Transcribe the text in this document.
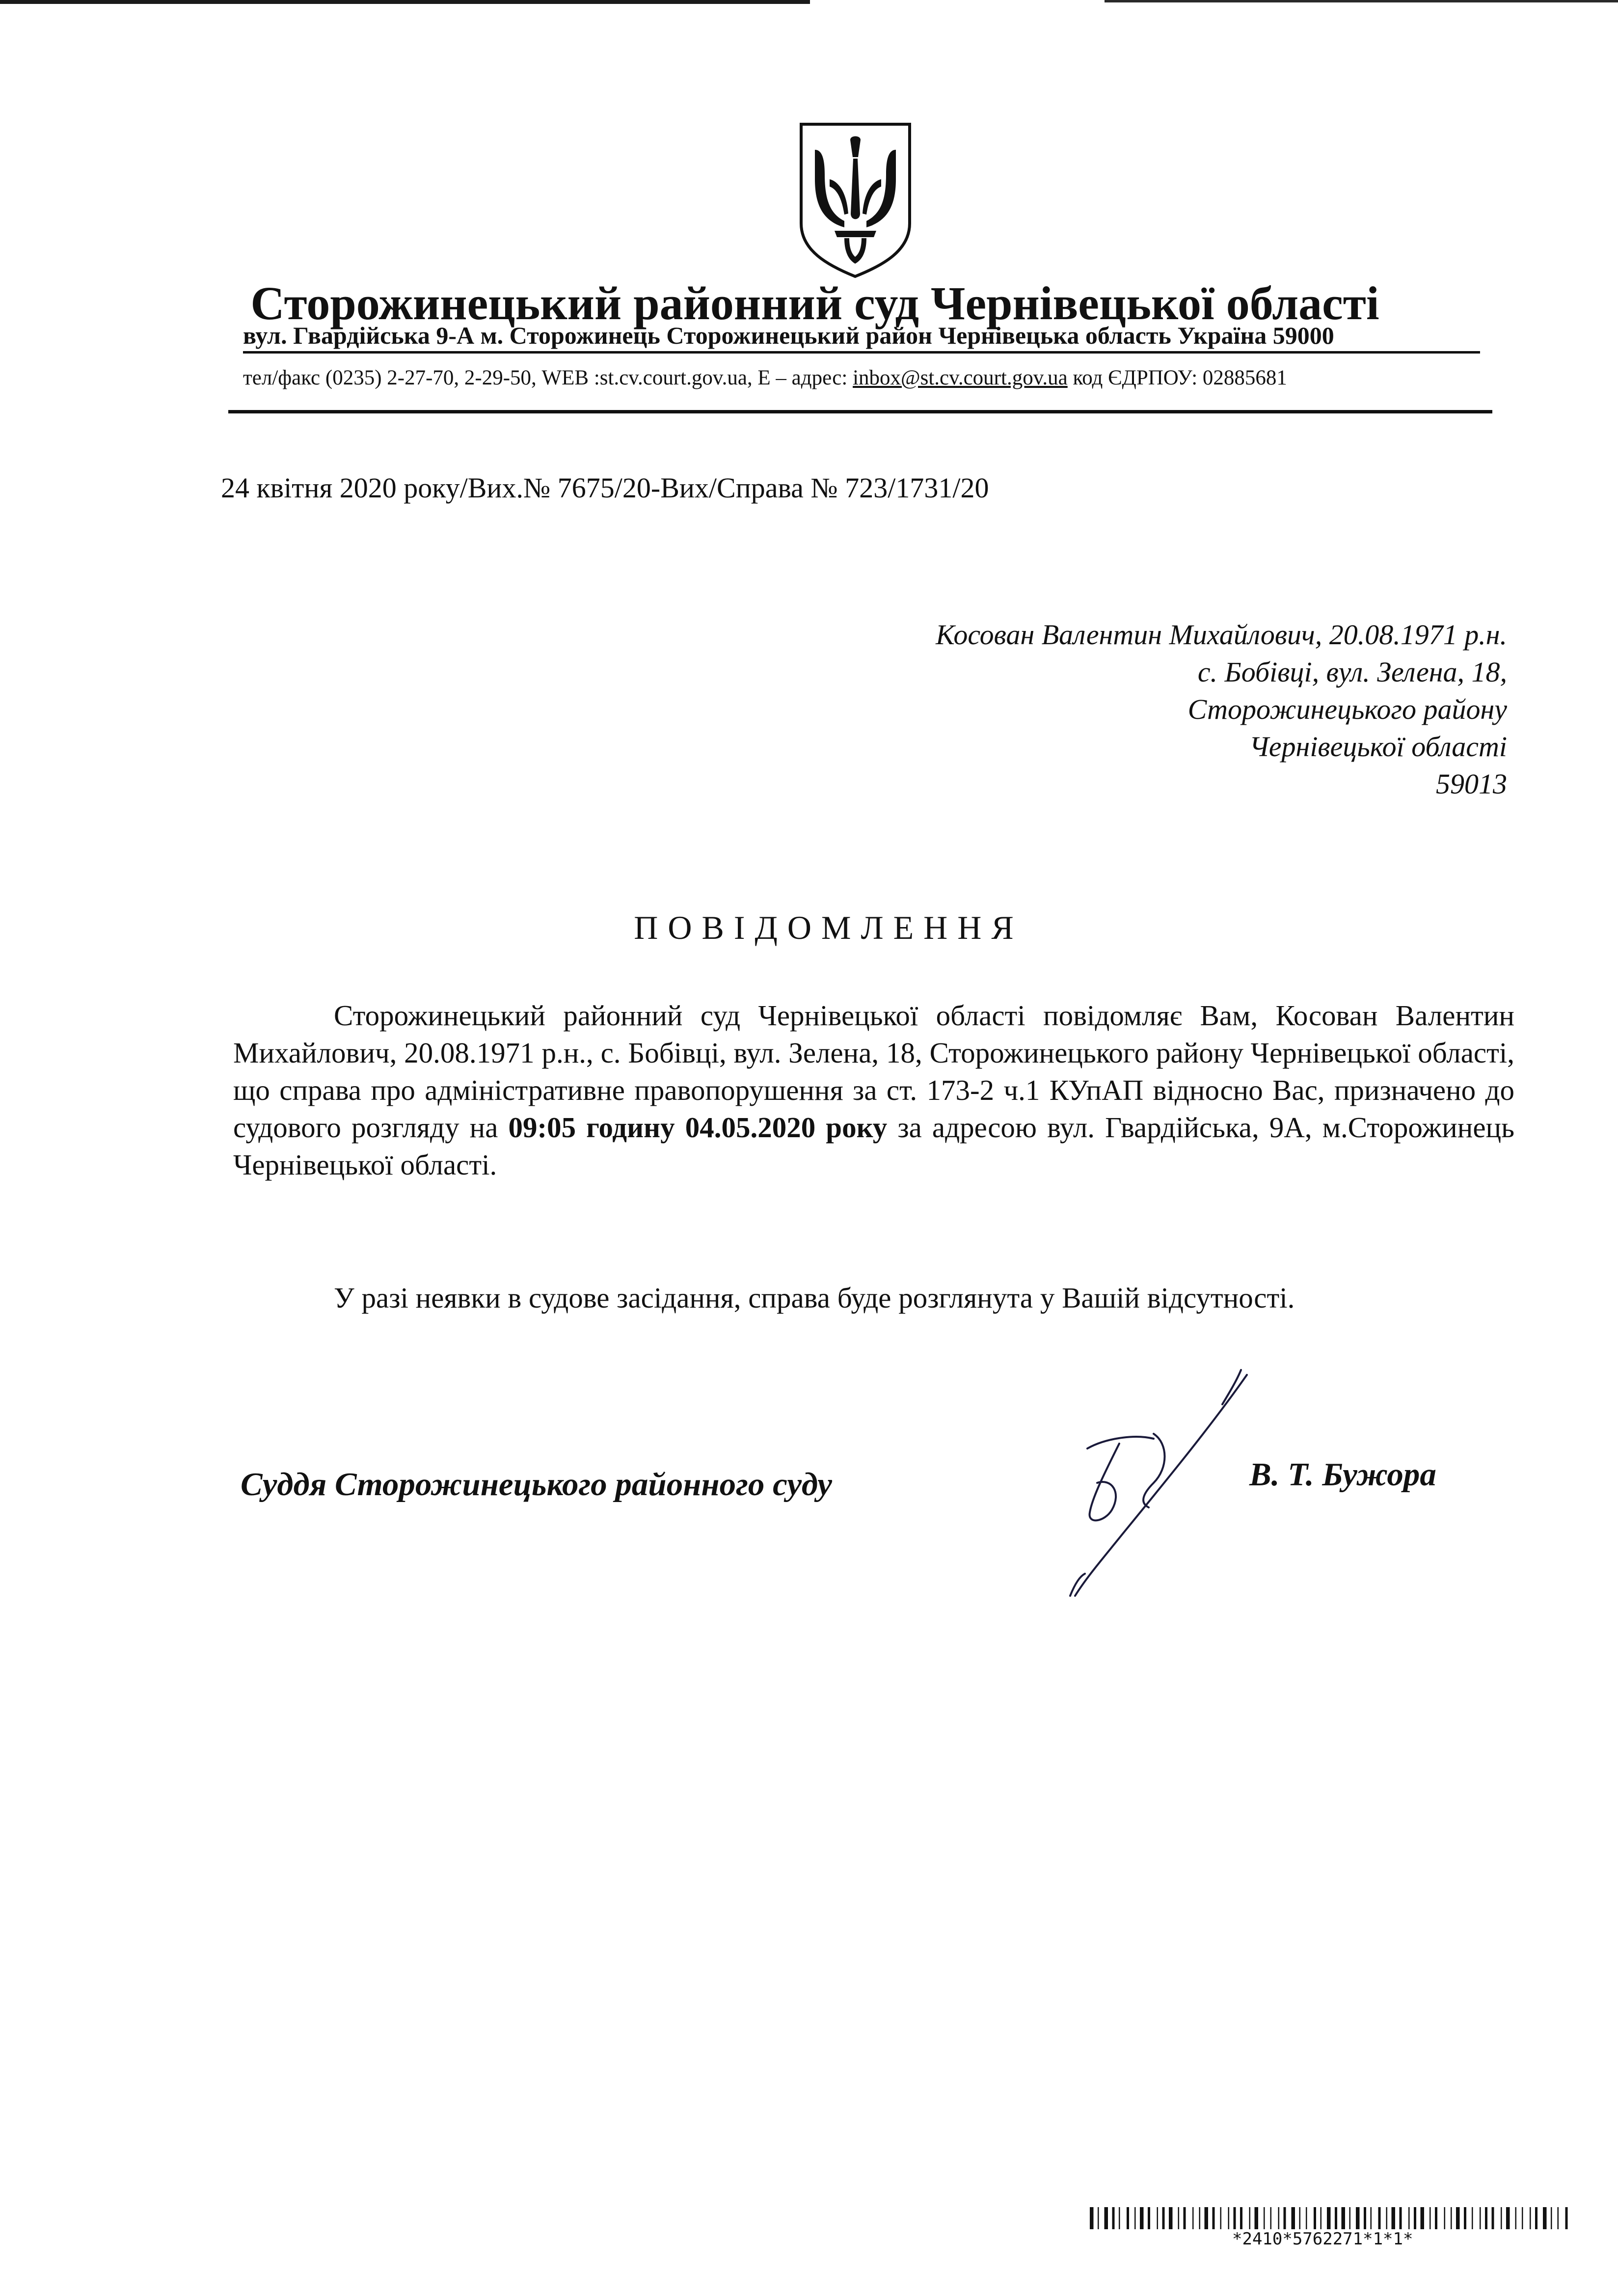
Сторожинецький районний суд Чернівецької області
вул. Гвардійська 9-А м. Сторожинець Сторожинецький район Чернівецька область Україна 59000
тел/факс (0235) 2-27-70, 2-29-50, WEB :st.cv.court.gov.ua, E – адрес: inbox@st.cv.court.gov.ua код ЄДРПОУ: 02885681
24 квітня 2020 року/Вих.№ 7675/20-Вих/Справа № 723/1731/20
Косован Валентин Михайлович, 20.08.1971 р.н.
с. Бобівці, вул. Зелена, 18,
Сторожинецького району
Чернівецької області
59013
ПОВІДОМЛЕННЯ
Сторожинецький районний суд Чернівецької області повідомляє Вам, Косован Валентин Михайлович, 20.08.1971 р.н., с. Бобівці, вул. Зелена, 18, Сторожинецького району Чернівецької області, що справа про адміністративне правопорушення за ст. 173-2 ч.1 КУпАП відносно Вас, призначено до судового розгляду на 09:05 годину 04.05.2020 року за адресою вул. Гвардійська, 9А, м.Сторожинець Чернівецької області.
У разі неявки в судове засідання, справа буде розглянута у Вашій відсутності.
Суддя Сторожинецького районного суду	В. Т. Бужора
*2410*5762271*1*1*
